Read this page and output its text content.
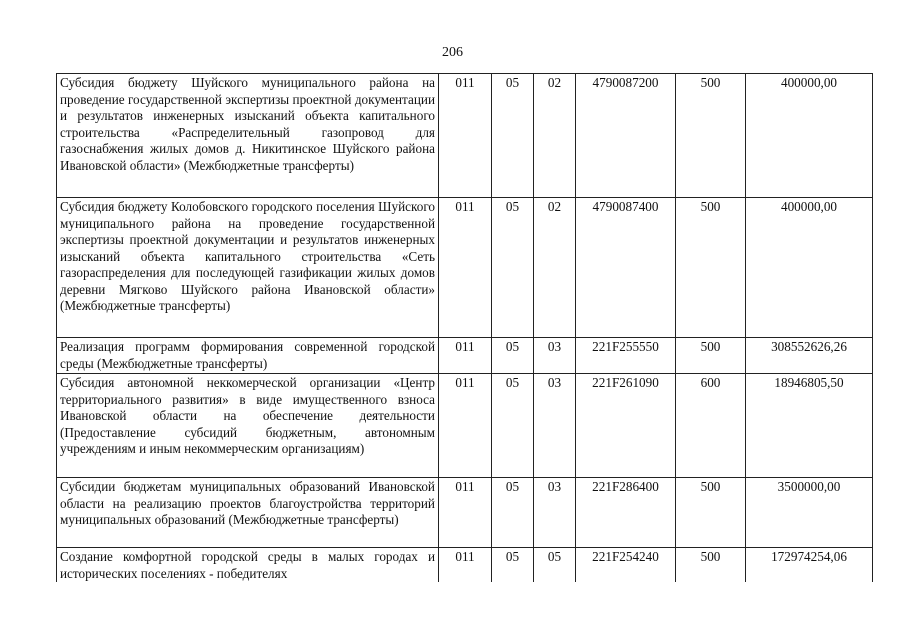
206
Субсидия бюджету Шуйского муниципального района на проведение государственной экспертизы проектной документации и результатов инженерных изысканий объекта капитального строительства «Распределительный газопровод для газоснабжения жилых домов д. Никитинское Шуйского района Ивановской области» (Межбюджетные трансферты)	011	05	02	4790087200	500	400000,00
Субсидия бюджету Колобовского городского поселения Шуйского муниципального района на проведение государственной экспертизы проектной документации и результатов инженерных изысканий объекта капитального строительства «Сеть газораспределения для последующей газификации жилых домов деревни Мягково Шуйского района Ивановской области» (Межбюджетные трансферты)	011	05	02	4790087400	500	400000,00
Реализация программ формирования современной городской среды (Межбюджетные трансферты)	011	05	03	221F255550	500	308552626,26
Субсидия автономной неккомерческой организации «Центр территориального развития» в виде имущественного взноса Ивановской области на обеспечение деятельности (Предоставление субсидий бюджетным, автономным учреждениям и иным некоммерческим организациям)	011	05	03	221F261090	600	18946805,50
Субсидии бюджетам муниципальных образований Ивановской области на реализацию проектов благоустройства территорий муниципальных образований (Межбюджетные трансферты)	011	05	03	221F286400	500	3500000,00
Создание комфортной городской среды в малых городах и исторических поселениях - победителях	011	05	05	221F254240	500	172974254,06
